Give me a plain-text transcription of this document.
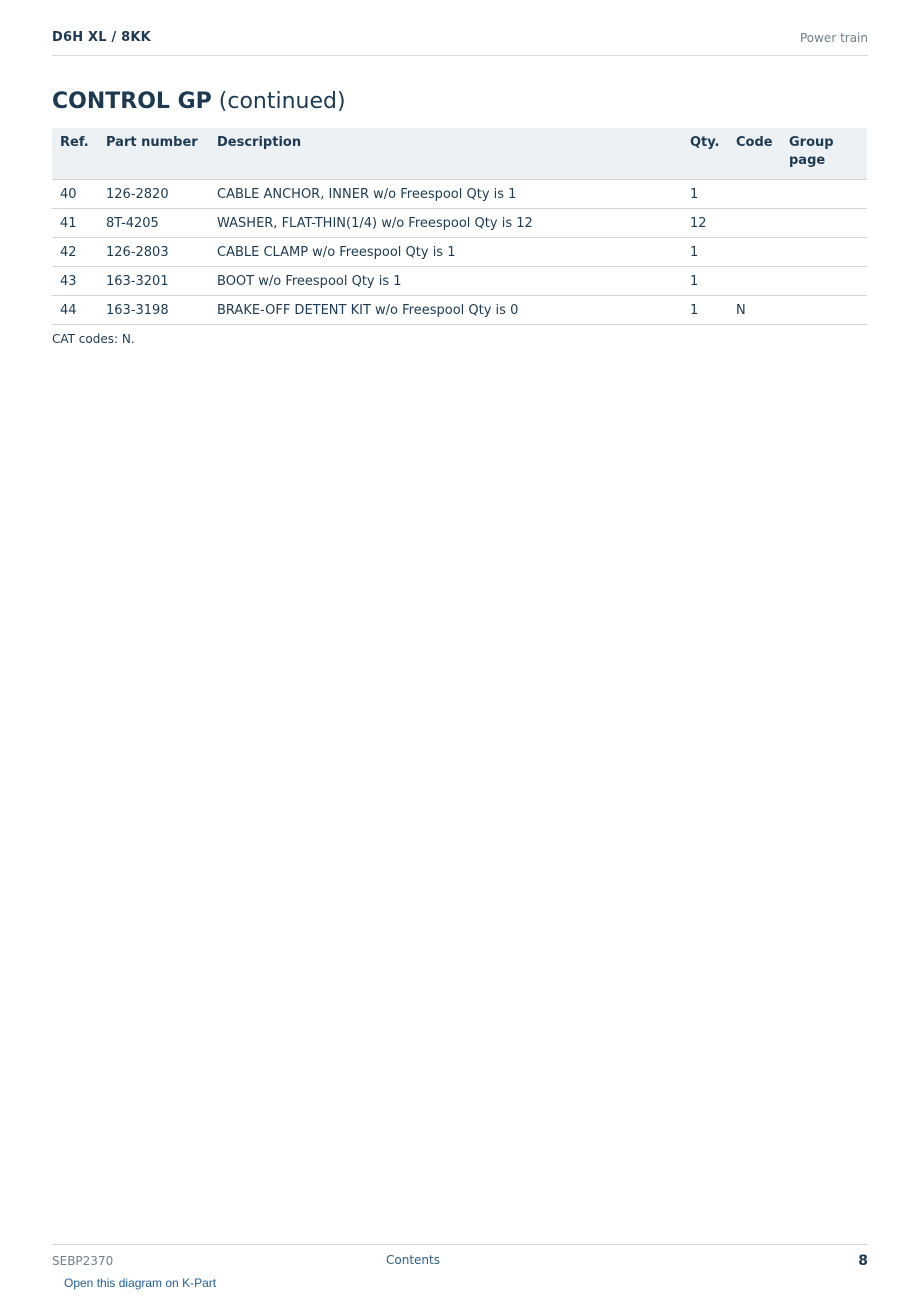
D6H XL / 8KK	Power train
CONTROL GP (continued)
Ref.	Part number	Description	Qty.	Code	Group page
40	126-2820	CABLE ANCHOR, INNER w/o Freespool Qty is 1	1		
41	8T-4205	WASHER, FLAT-THIN(1/4) w/o Freespool Qty is 12	12		
42	126-2803	CABLE CLAMP w/o Freespool Qty is 1	1		
43	163-3201	BOOT w/o Freespool Qty is 1	1		
44	163-3198	BRAKE-OFF DETENT KIT w/o Freespool Qty is 0	1	N	
CAT codes: N.
SEBP2370	Contents	8
Open this diagram on K-Part
